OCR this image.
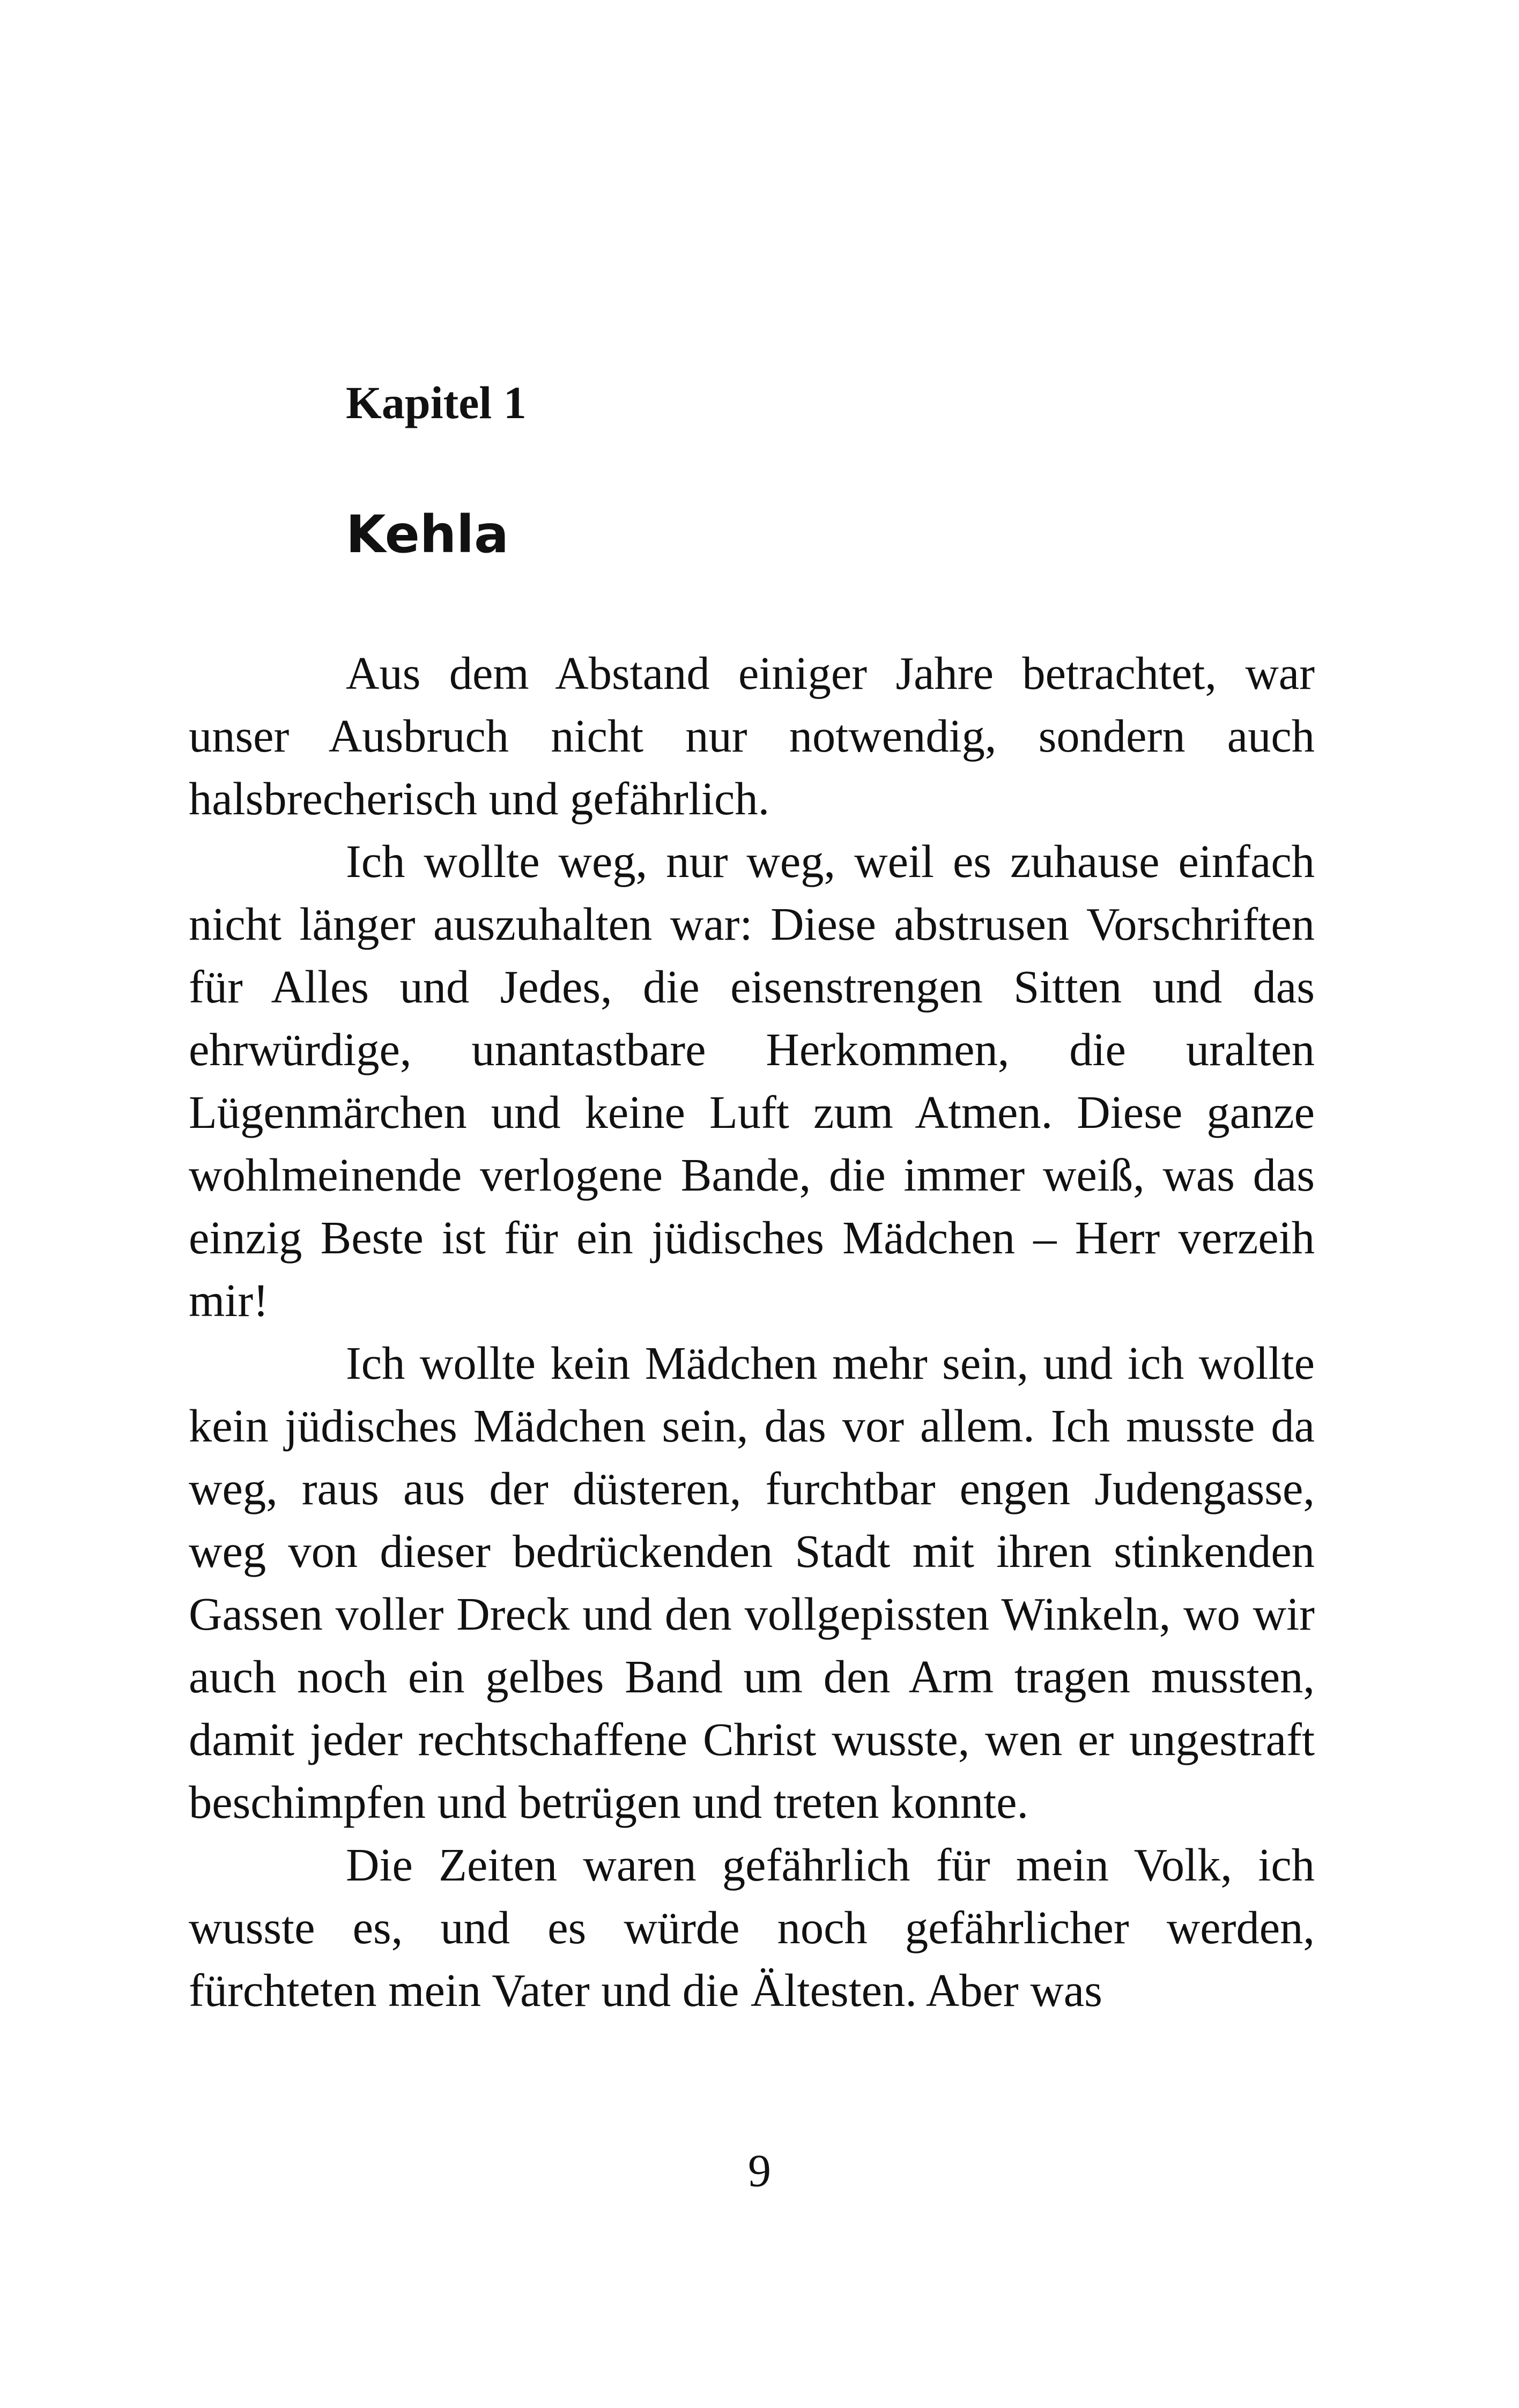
Kapitel 1
Kehla

Aus dem Abstand einiger Jahre betrachtet, war unser Ausbruch nicht nur notwendig, sondern auch halsbrecherisch und gefährlich.

Ich wollte weg, nur weg, weil es zuhause einfach nicht länger auszuhalten war: Diese abstrusen Vorschriften für Alles und Jedes, die eisenstrengen Sitten und das ehrwürdige, unantastbare Herkommen, die uralten Lügenmärchen und keine Luft zum Atmen. Diese ganze wohlmeinende verlogene Bande, die immer weiß, was das einzig Beste ist für ein jüdisches Mädchen – Herr verzeih mir!

Ich wollte kein Mädchen mehr sein, und ich wollte kein jüdisches Mädchen sein, das vor allem. Ich musste da weg, raus aus der düsteren, furchtbar engen Judengasse, weg von dieser bedrückenden Stadt mit ihren stinkenden Gassen voller Dreck und den vollgepissten Winkeln, wo wir auch noch ein gelbes Band um den Arm tragen mussten, damit jeder rechtschaffene Christ wusste, wen er ungestraft beschimpfen und betrügen und treten konnte.

Die Zeiten waren gefährlich für mein Volk, ich wusste es, und es würde noch gefährlicher werden, fürchteten mein Vater und die Ältesten. Aber was

9
